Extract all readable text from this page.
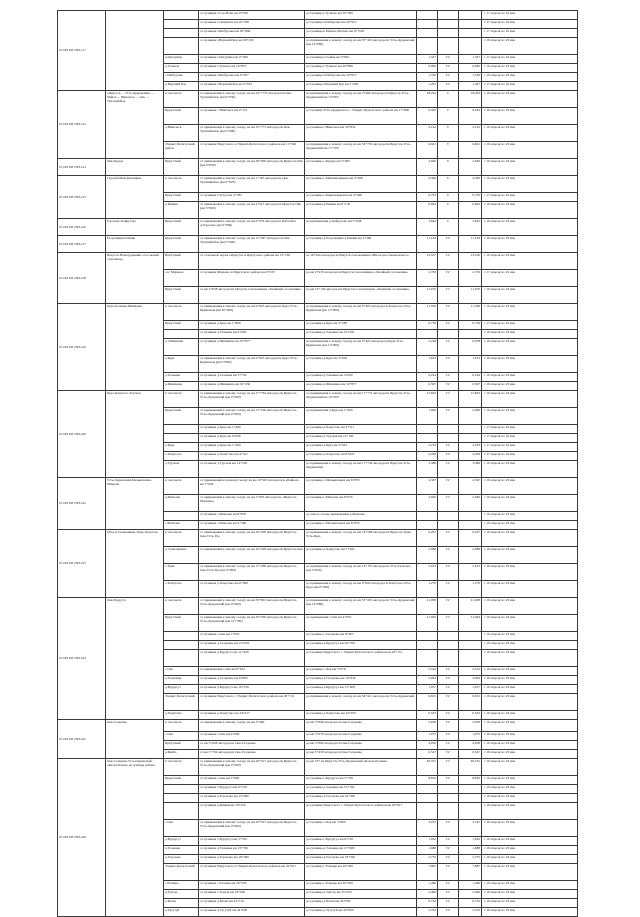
25 ОП МЗ 25Н-117			от границы г.Сор-Номе км 0+569	до границы г.Тучково км 50+500				с 17 апреля по 16 мая
			от границы г.Синячиха км 10+500	до границы г.Шабуровы км 20+957				с 17 апреля по 16 мая
			от границы г.Шабуровы км 62+890	до границы в Бабино-Ногино км 97+020				с 17 апреля по 16 мая
			от границы г.Верхний Бор км 66+100	до примыкания к левому съезду на км 67+416 автодороги Усть-Ордынский (км 14+660)				с 19 апреля по 18 мая
		д.Онгурёны	от границы г.Онгурёны км 0+569	до границы г.Сыйма км 0+861	1,327	IV	1,327	с 17 апреля по 16 мая
		д.Тухкеле	от границы г.Тухкеле км 10+857	до границы г.Тухкеле км 20+899	0,082	IV	0,082	с 19 апреля по 18 мая
		с.Шабуровы	от границы г.Шабуровы км 0+367	до границы г.Шабуровы км 20+957	1,556	IV	1,556	с 19 апреля по 18 мая
		д.Верхний Бор	от границы г.Верхний Бор км 0+033	до границы г.Верхний Бор км 1+000	1,297	IV	1,297	с 17 апреля по 16 мая
25 ОП МЗ 25Н-212	«Иркутск — Усть-Ордынский» — Майск — Никольск — Оек — Урлапайнбок	в том числе	от примыкания к левому съезду на км 221+735 автодороги Оек-Урлапайнбок (км 6+030)	до примыкания к левому съезду на км 2+466 автодороги Иркутск-Усть-Ордынский км 15+603	18,203	V	18,203	с 19 апреля по 18 мая
		Иркутский	от границы с Никольск км 0+121	до границы Усть-Ордынского с Эхирит-Булагатского района км 17+800	9,595	V	9,044	с 19 апреля по 18 мая
		д.Никольск	от примыкания к левому съезду на км 35+773 автодороги Оек-Урлапайнбок (км 0+000)	до границы с.Никольск км 39+832	2,142	V	2,142	с 19 апреля по 18 мая
		Эхирит-Булагатский район	от границы Иркутского и Эхирит-Булагатского районов км 11+540	до примыкания к левому съезду на км 56+750 автодороги Иркутск-Усть-Ордынский км 17+709	6,601	V	6,601	с 19 апреля по 18 мая
25 ОП МЗ 25Н-214	Оёк-Кудара	Иркутский	от примыкания к левому съезду на км 29+000 автодороги Иркутск-Оёк (км 0+000)	до границы с.Кудара км 5+000	2,946	V	2,946	с 19 апреля по 18 мая
25 ОП МЗ 25Н-215	Гадалей-Максимовщина	в том числе	от примыкания к левому съезду на км 1+187 автодороги Оек-Урлапайнбок (км 6+825)	до границы с.Максимовщина км 4+368	4,396	V	4,399	с 19 апреля по 18 мая
		Иркутский	от границы г.Тулун км 2+782	до границы с.Кирильцевская км 4+368	0,703	V	0,703	с 17 апреля по 16 мая
		д.Ревяки	от примыкания к левому съезду на км 2+413 автодороги Иркутск-Оёк (км 5+000)	до границы д.Ревяки км 0+150	0,663	V	0,663	с 19 апреля по 18 мая
25 ОП МЗ 25Н-216	Горохово-Хайрузово	Иркутский	от примыкания к левому съезду на км 0+379 автодороги Бабагай в д.Горохово (км 0+000)	до примыкания д.Хайрузово км 3+028	3,642	V	3,642	с 19 апреля по 18 мая
25 ОП МЗ 25Н-217	Егоровщина-Ревяки	Иркутский	от примыкания к левому съезду на км 11+997 автодороги Оёк-Урлапайнбок (км 0+000)	до границы д.Егоровщина в Ревяки км 4+260	11,184	IV	11,184	с 19 апреля по 18 мая
25 ОП МЗ 25Н-218	Иркутск-Новогрудинино «Сосновый стоплинар»	Иркутский	от отдельной черты г.Иркутск и Иркутского района км 15+160	до 16+420 автодороги Иркутск-Смоленщина «Вилогорь-Тавоконского»	14,537	IV	14,536	с 19 апреля по 18 мая
		с.п. Марково	от границы Марково и Иркутского района км 3+107	до км 2+433 автодороги Иркутск-Смоленщина «Хвойный сосновщик»	2,763	IV	2,763	с 17 апреля по 16 мая
		Иркутский	от км 3+058 автодороги Иркутск-Смоленщина «Хвойный сосновщик»	до км 12+136 автодороги Иркутск-Смоленщина «Хвойный сосновщик»	11,076	IV	11,076	с 19 апреля по 18 мая
25 ОП МЗ 25Н-219	Куда-Тальяны-Шишкина	в том числе	от примыкания к левому съезду на км 9+923 автодороги Куда-Усть-Кудинская (км 20+000)	до примыкания к левому съезду на км 9+403 автодороги Хомутово-Усть-Кудинская (км 11+000)	11,559	IV	11,569	с 19 апреля по 18 мая
		Иркутский	от границы д.Куда км 1+809	до границы д.Куда км 3+188	0,739	IV	0,739	с 17 апреля по 16 мая
			от границы д.Тальяны км 4+000	до границы д.Тальяны км 10+450				с 19 апреля по 18 мая
		д. Шишкина	от границы д.Шишкина км 10+877	до примыкания к левому съезду на км 9+403 автодороги Куда-Усть-Кудинская (км 11+000)	5,228	IV	0,078	с 19 апреля по 18 мая
		д.Куда	от примыкания к левому съезду на км 9+923 автодороги Куда-Усть-Кудинская (км 0+000)	до границы д.Куда км 1+819	1,813	IV	1,813	с 19 апреля по 18 мая
		д.Тальяны	от границы д.Тальяны км 3+756	до границы д.Тальяны км 4+000	0,244	IV	0,244	с 19 апреля по 18 мая
		д.Шишкина	от границы д.Шишкина км 10+450	до границы д.Шишкина км 10+877	0,597	IV	0,597	с 19 апреля по 18 мая
25 ОП МЗ 25Н-220	Куда-Хомутово-Турская	в том числе	от примыкания к левому съезду на км 17+764 автодороги Иркутск-Усть-Ордынский (км 0+000)	до примыкания к левому съезду на км 17+774 автодороги Иркутск-Усть-Ордынский км 10+200	15,843	IV	15,843	с 19 апреля по 18 мая
		Иркутский	от примыкания к левому съезду на км 17+100 автодороги Иркутск-Усть-Ордынский (км 0+000)	до примыкания д.Куда км 1+400	1,090	IV	2,099	с 19 апреля по 18 мая
			от границы д.Куда км 1+460	до границы д.Хомутово км 4+511				с 17 апреля по 16 мая
			от границы д.Куда км 0+000	до границы д.Турская км 14+100				с 17 апреля по 16 мая
		д.Куда	от границы д.Куда км 1+400	до границы д.Куда км 3+633	2,233	IV	2,233	с 17 апреля по 16 мая
		с.Хомутово	от границы д.Хомутово км 4+511	до границы д.Хомутово км 8+970	4,459	IV	4,459	с 17 апреля по 16 мая
		д.Турская	от границы д.Турская км 14+100	до примыкания к левому съезду на км 17+744 автодороги Иркутск-Усть-Ордынский	3,486	IV	3,486	с 19 апреля по 18 мая
25 ОП МЗ 25Н-222	Усть-Ордынский-Мельничанка-Мамоны	в том числе	от примыкания к правому съезду на км 10+023 автодороги «Байкал» км 1+950	до границы с.Мельничанка км 6+870	4,367	IV	4,367	с 19 апреля по 18 мая
		д.Мамоны	от примыкания к левому съезду на км 1+950 автодороги «Иркутск-Мамоны»	до границы с.Мамоны км 6+970	2,940	IV	2,940	с 19 апреля по 18 мая
			от границы с.Мамоны км 6+870	до левого съезда примыкания д.Мамоны				с 19 апреля по 18 мая
		с.Мамоны	от границы с.Мамоны км 5+360	до границы с.Мельничанка км 6+870				с 19 апреля по 18 мая
25 ОП МЗ 25Н-223	Объезд Грановщина-Урик-Хомутово	в том числе	от примыкания к левому съезду на км 16+208 автодороги Иркутск-Оек-Усть-Уда	до примыкания к левому съезду на км 16+208 автодороги Иркутск-Урик-Усть-Куда	9,267	IV	9,267	с 19 апреля по 18 мая
		д. Грановщина	от примыкания к левому съезду на км 16+208 автодороги Иркутск-Оек	до границы д.Хомутово км 1+504	2,088	IV	2,088	с 19 апреля по 18 мая
		с.Урик	от примыкания к левому съезду на км 17+268 автодороги Иркутск-Оек-Усть-Уда (км 0+000)	до примыкания к левому съезду на км 16+153 автодороги Усть-Тальское (км 0+000)	5,913	IV	5,913	с 19 апреля по 18 мая
		с.Хомутово	от границы д.Хомутово км 0+000	до примыкания к левому съезду на км 0+000 автодороги Хомутово-Усть-Куда (км 0+000)	1,270	IV	1,270	с 19 апреля по 18 мая
25 ОП МЗ 25Н-224	Оек-Бурдугуз	в том числе	от примыкания к левому съезду на км 33+803 автодороги Иркутск-Усть-Ордынский (км 0+000)	до примыкания к левому съезду на км 33+455 автодороги Усть-Ордынский (км 14+980)	21,008	IV	21,008	с 19 апреля по 18 мая
		Иркутский	от примыкания к левому съезду на км 35+500 автодороги Иркутск-Усть-Ордынский (км 12+780)	до примыкания с.Оек км 4+653	21,004	IV	21,004	с 19 апреля по 18 мая
			от границы с.Оек км 7+955	до границы с.Галдеевы км 9+603				с 19 апреля по 18 мая
			от границы д.Галдеевы км 10+620	до границы д.Бурдугуз км 20+356				с 19 апреля по 18 мая
			от границы д.Бурдугуз км 11+409	до границы Иркутского с Эхирит-Булагатского районов км 20+151				с 19 апреля по 18 мая
		с.Оек	от примыкания с.Оек км 0+653	до границы с.Оек км 3+078	2,522	IV	2,522	с 19 апреля по 18 мая
		д.Галдеевы	от границы д.Галдеевы км 8+883	до границы д.Галдеевы км 10+620	2,094	IV	2,094	с 19 апреля по 18 мая
		д.Бурдугуз	от границы д.Бурдугуз км 10+356	до границы д.Бурдугуз км 11+409	1,057	IV	1,057	с 19 апреля по 18 мая
		Эхирит-Булагатский	от границы Иркутского с Эхирит-Булагатского района км 20+151	до примыкания к левому съезду на км 34+411 автодороги Усть-Ордынский	9,815	IV	9,815	с 19 апреля по 18 мая
		д.Хомутово	от границы д.Хомутово км 34+417	до границы д.Хомутово км 34+970	0,553	IV	0,553	с 19 апреля по 18 мая
25 ОП МЗ 25Н-225	Оек-Галдеевы	в том числе	от примыкания к левому съезду на км 3+460	до км 3+699 автодороги Оек-Галдеевы	5,658	IV	5,658	с 19 апреля по 18 мая
		с.Оек	от границы с.Оек км 0+000	до км 3+078 автодороги Оек-Галдеевы	1,075	IV	1,075	с 19 апреля по 18 мая
		Иркутский	от км 3+628 автодороги Оек-Галдеевы	до км 3+669 автодороги Оек-Галдеевы	4,036	IV	4,036	с 19 апреля по 18 мая
		д.Бамба	от км 3+704 автодороги Оек-Галдеевы	до км 5+459 автодороги Оек-Галдеевы	0,547	IV	0,547	с 19 апреля по 18 мая
25 ОП МЗ 25Н-226	Оек-Галдеевы-Усть-Ордынский «Катуп-Бохан» на границе района	в том числе	от примыкания к левому съезду на км 20+617 автодороги Иркутск-Усть-Ордынский (км 0+000)	до км 557 на Иркутск-Усть-Ордынский «Бохан-Олонки»	46,761	IV	46,761	с 19 апреля по 18 мая
		Иркутский	от границы с.Оек км 3+800	до границы с.Бурдугуз км 5+700	8,816	IV	8,816	с 19 апреля по 18 мая
			от границы с.Бурдугуз км 6+150	до границы д.Тальяны км 13+700				с 19 апреля по 18 мая
			от границы д.Горохово км 15+900	до границы д.Горохово км 16+300				с 19 апреля по 18 мая
			от границы д.Ревяки км 18+320	до границы Иркутского с Эхирит-Булагатского районов км 20+617				с 19 апреля по 18 мая
		с.Оек	от примыкания к левому съезду на км 20+617 автодороги Иркутск-Усть-Ордынский (км 0+000)	до границы с.Оек км 3+800	3,247	IV	3,247	с 19 апреля по 18 мая
		д.Бурдугуз	от границы с.Бурдугуз км 5+700	до границы с.Бурдугуз км 6+150	1,932	IV	1,932	с 19 апреля по 18 мая
		д.Тальяны	от границы д.Тальяны км 13+700	до границы д.Тальяны км 15+900	1,688	IV	1,688	с 19 апреля по 18 мая
		д.Горохово	от границы д.Горохово км 16+300	до границы д.Горохово км 18+320	2,755	IV	2,755	с 19 апреля по 18 мая
		Эхирит-Булагатский	от границы Иркутского и Эхирит-Булагатского районов км 20+617	до границы с.Еланцы км 29+500	7,887	IV	7,887	с 19 апреля по 18 мая
		с.Еланцы	от границы с.Еланцы км 29+500	до границы с.Еланцы км 30+950	1,466	IV	1,466	с 19 апреля по 18 мая
		д.Зунгар	от границы с.Зунгар км 33+020	до границы д.Зунгар км 35+020	2,490	IV	2,490	с 19 апреля по 18 мая
		д.Бахан	от границы д.Бахан км 43+120	до границы д.Бахан км 44+650	0,732	IV	0,732	с 19 апреля по 18 мая
		д.Тугутуй	от границы д.Тугутуй км 44+650	до границы д.Тугутуй км 44+900	2,702	IV	2,702	с 19 апреля по 18 мая
